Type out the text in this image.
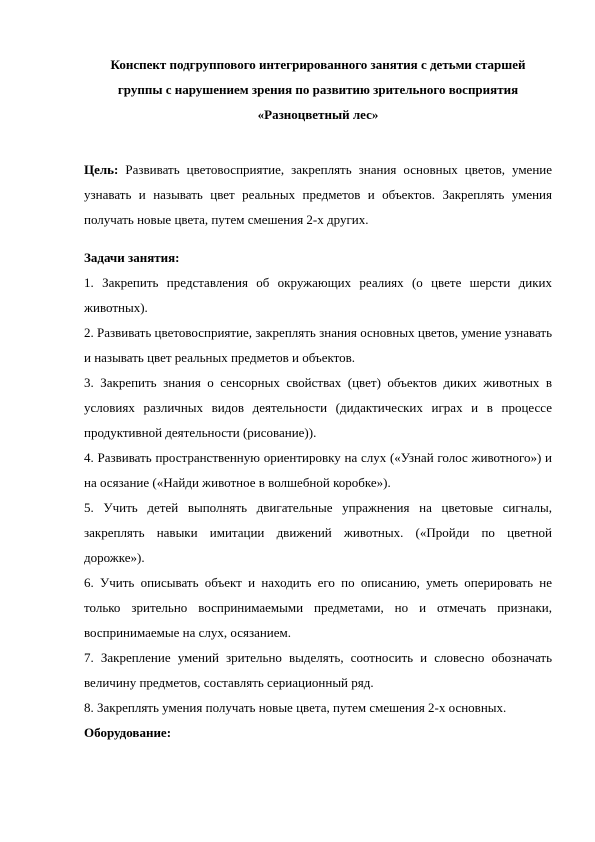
Конспект подгруппового интегрированного занятия с детьми старшей
группы с нарушением зрения по развитию зрительного восприятия
«Разноцветный лес»

Цель: Развивать цветовосприятие, закреплять знания основных цветов, умение узнавать и называть цвет реальных предметов и объектов. Закреплять умения получать новые цвета, путем смешения 2-х других.

Задачи занятия:

1. Закрепить представления об окружающих реалиях (о цвете шерсти диких животных).

2. Развивать цветовосприятие, закреплять знания основных цветов, умение узнавать и называть цвет реальных предметов и объектов.

3. Закрепить знания о сенсорных свойствах (цвет) объектов диких животных в условиях различных видов деятельности (дидактических играх и в процессе продуктивной деятельности (рисование)).

4. Развивать пространственную ориентировку на слух («Узнай голос животного») и на осязание («Найди животное в волшебной коробке»).

5. Учить детей выполнять двигательные упражнения на цветовые сигналы, закреплять навыки имитации движений животных. («Пройди по цветной дорожке»).

6. Учить описывать объект и находить его по описанию, уметь оперировать не только зрительно воспринимаемыми предметами, но и отмечать признаки, воспринимаемые на слух, осязанием.

7. Закрепление умений зрительно выделять, соотносить и словесно обозначать величину предметов, составлять сериационный ряд.

8. Закреплять умения получать новые цвета, путем смешения 2-х основных.

Оборудование:
